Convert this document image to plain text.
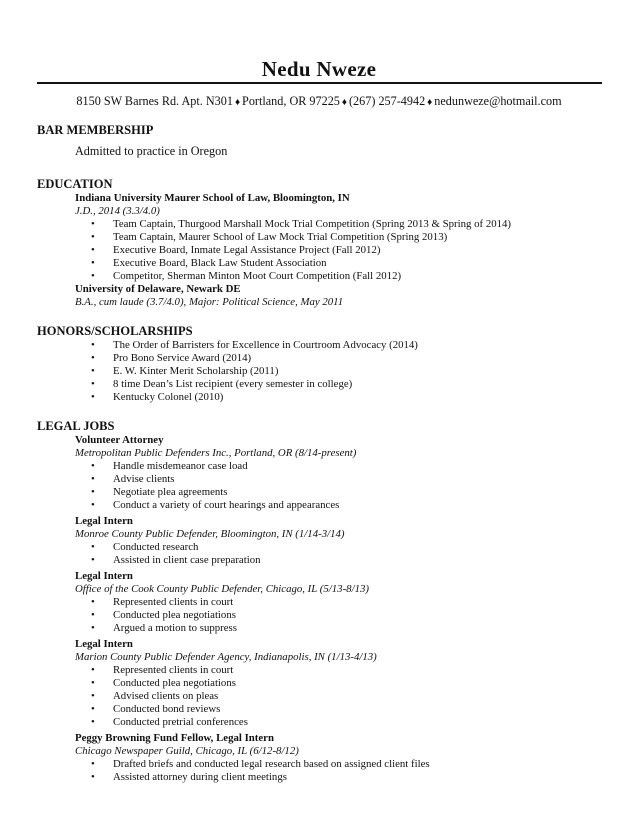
Nedu Nweze
8150 SW Barnes Rd. Apt. N301 ♦ Portland, OR 97225 ♦ (267) 257-4942 ♦ nedunweze@hotmail.com
BAR MEMBERSHIP
Admitted to practice in Oregon
EDUCATION
Indiana University Maurer School of Law, Bloomington, IN
J.D., 2014 (3.3/4.0)
• Team Captain, Thurgood Marshall Mock Trial Competition (Spring 2013 & Spring of 2014)
• Team Captain, Maurer School of Law Mock Trial Competition (Spring 2013)
• Executive Board, Inmate Legal Assistance Project (Fall 2012)
• Executive Board, Black Law Student Association
• Competitor, Sherman Minton Moot Court Competition (Fall 2012)
University of Delaware, Newark DE
B.A., cum laude (3.7/4.0), Major: Political Science, May 2011
HONORS/SCHOLARSHIPS
• The Order of Barristers for Excellence in Courtroom Advocacy (2014)
• Pro Bono Service Award (2014)
• E. W. Kinter Merit Scholarship (2011)
• 8 time Dean’s List recipient (every semester in college)
• Kentucky Colonel (2010)
LEGAL JOBS
Volunteer Attorney
Metropolitan Public Defenders Inc., Portland, OR (8/14-present)
• Handle misdemeanor case load
• Advise clients
• Negotiate plea agreements
• Conduct a variety of court hearings and appearances
Legal Intern
Monroe County Public Defender, Bloomington, IN (1/14-3/14)
• Conducted research
• Assisted in client case preparation
Legal Intern
Office of the Cook County Public Defender, Chicago, IL (5/13-8/13)
• Represented clients in court
• Conducted plea negotiations
• Argued a motion to suppress
Legal Intern
Marion County Public Defender Agency, Indianapolis, IN (1/13-4/13)
• Represented clients in court
• Conducted plea negotiations
• Advised clients on pleas
• Conducted bond reviews
• Conducted pretrial conferences
Peggy Browning Fund Fellow, Legal Intern
Chicago Newspaper Guild, Chicago, IL (6/12-8/12)
• Drafted briefs and conducted legal research based on assigned client files
• Assisted attorney during client meetings
